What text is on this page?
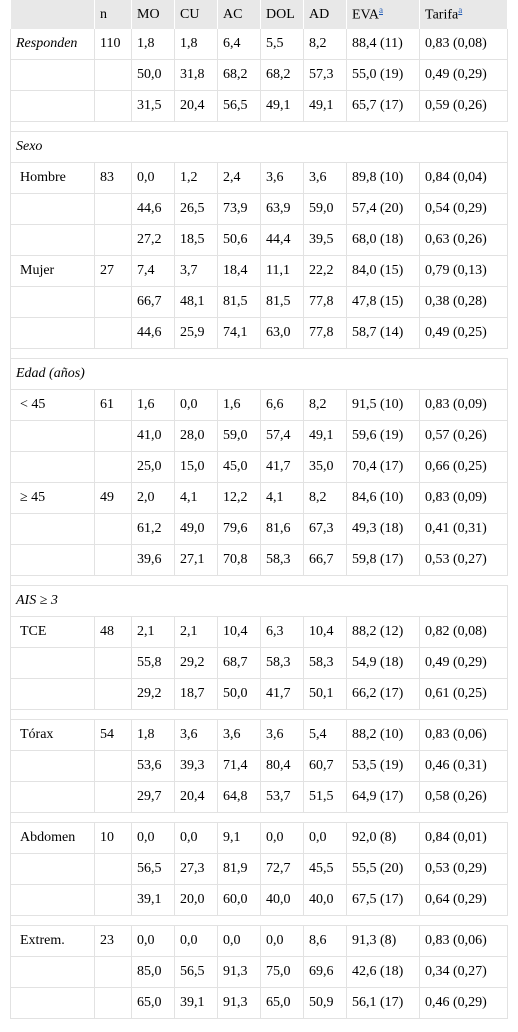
	n	MO	CU	AC	DOL	AD	EVA$^a$	Tarifa$^a$
Responden	110	1,8	1,8	6,4	5,5	8,2	88,4 (11)	0,83 (0,08)
		50,0	31,8	68,2	68,2	57,3	55,0 (19)	0,49 (0,29)
		31,5	20,4	56,5	49,1	49,1	65,7 (17)	0,59 (0,26)

Sexo								
Hombre	83	0,0	1,2	2,4	3,6	3,6	89,8 (10)	0,84 (0,04)
		44,6	26,5	73,9	63,9	59,0	57,4 (20)	0,54 (0,29)
		27,2	18,5	50,6	44,4	39,5	68,0 (18)	0,63 (0,26)
Mujer	27	7,4	3,7	18,4	11,1	22,2	84,0 (15)	0,79 (0,13)
		66,7	48,1	81,5	81,5	77,8	47,8 (15)	0,38 (0,28)
		44,6	25,9	74,1	63,0	77,8	58,7 (14)	0,49 (0,25)

Edad (años)								
< 45	61	1,6	0,0	1,6	6,6	8,2	91,5 (10)	0,83 (0,09)
		41,0	28,0	59,0	57,4	49,1	59,6 (19)	0,57 (0,26)
		25,0	15,0	45,0	41,7	35,0	70,4 (17)	0,66 (0,25)
≥ 45	49	2,0	4,1	12,2	4,1	8,2	84,6 (10)	0,83 (0,09)
		61,2	49,0	79,6	81,6	67,3	49,3 (18)	0,41 (0,31)
		39,6	27,1	70,8	58,3	66,7	59,8 (17)	0,53 (0,27)

AIS ≥ 3								
TCE	48	2,1	2,1	10,4	6,3	10,4	88,2 (12)	0,82 (0,08)
		55,8	29,2	68,7	58,3	58,3	54,9 (18)	0,49 (0,29)
		29,2	18,7	50,0	41,7	50,1	66,2 (17)	0,61 (0,25)

Tórax	54	1,8	3,6	3,6	3,6	5,4	88,2 (10)	0,83 (0,06)
		53,6	39,3	71,4	80,4	60,7	53,5 (19)	0,46 (0,31)
		29,7	20,4	64,8	53,7	51,5	64,9 (17)	0,58 (0,26)

Abdomen	10	0,0	0,0	9,1	0,0	0,0	92,0 (8)	0,84 (0,01)
		56,5	27,3	81,9	72,7	45,5	55,5 (20)	0,53 (0,29)
		39,1	20,0	60,0	40,0	40,0	67,5 (17)	0,64 (0,29)

Extrem.	23	0,0	0,0	0,0	0,0	8,6	91,3 (8)	0,83 (0,06)
		85,0	56,5	91,3	75,0	69,6	42,6 (18)	0,34 (0,27)
		65,0	39,1	91,3	65,0	50,9	56,1 (17)	0,46 (0,29)
